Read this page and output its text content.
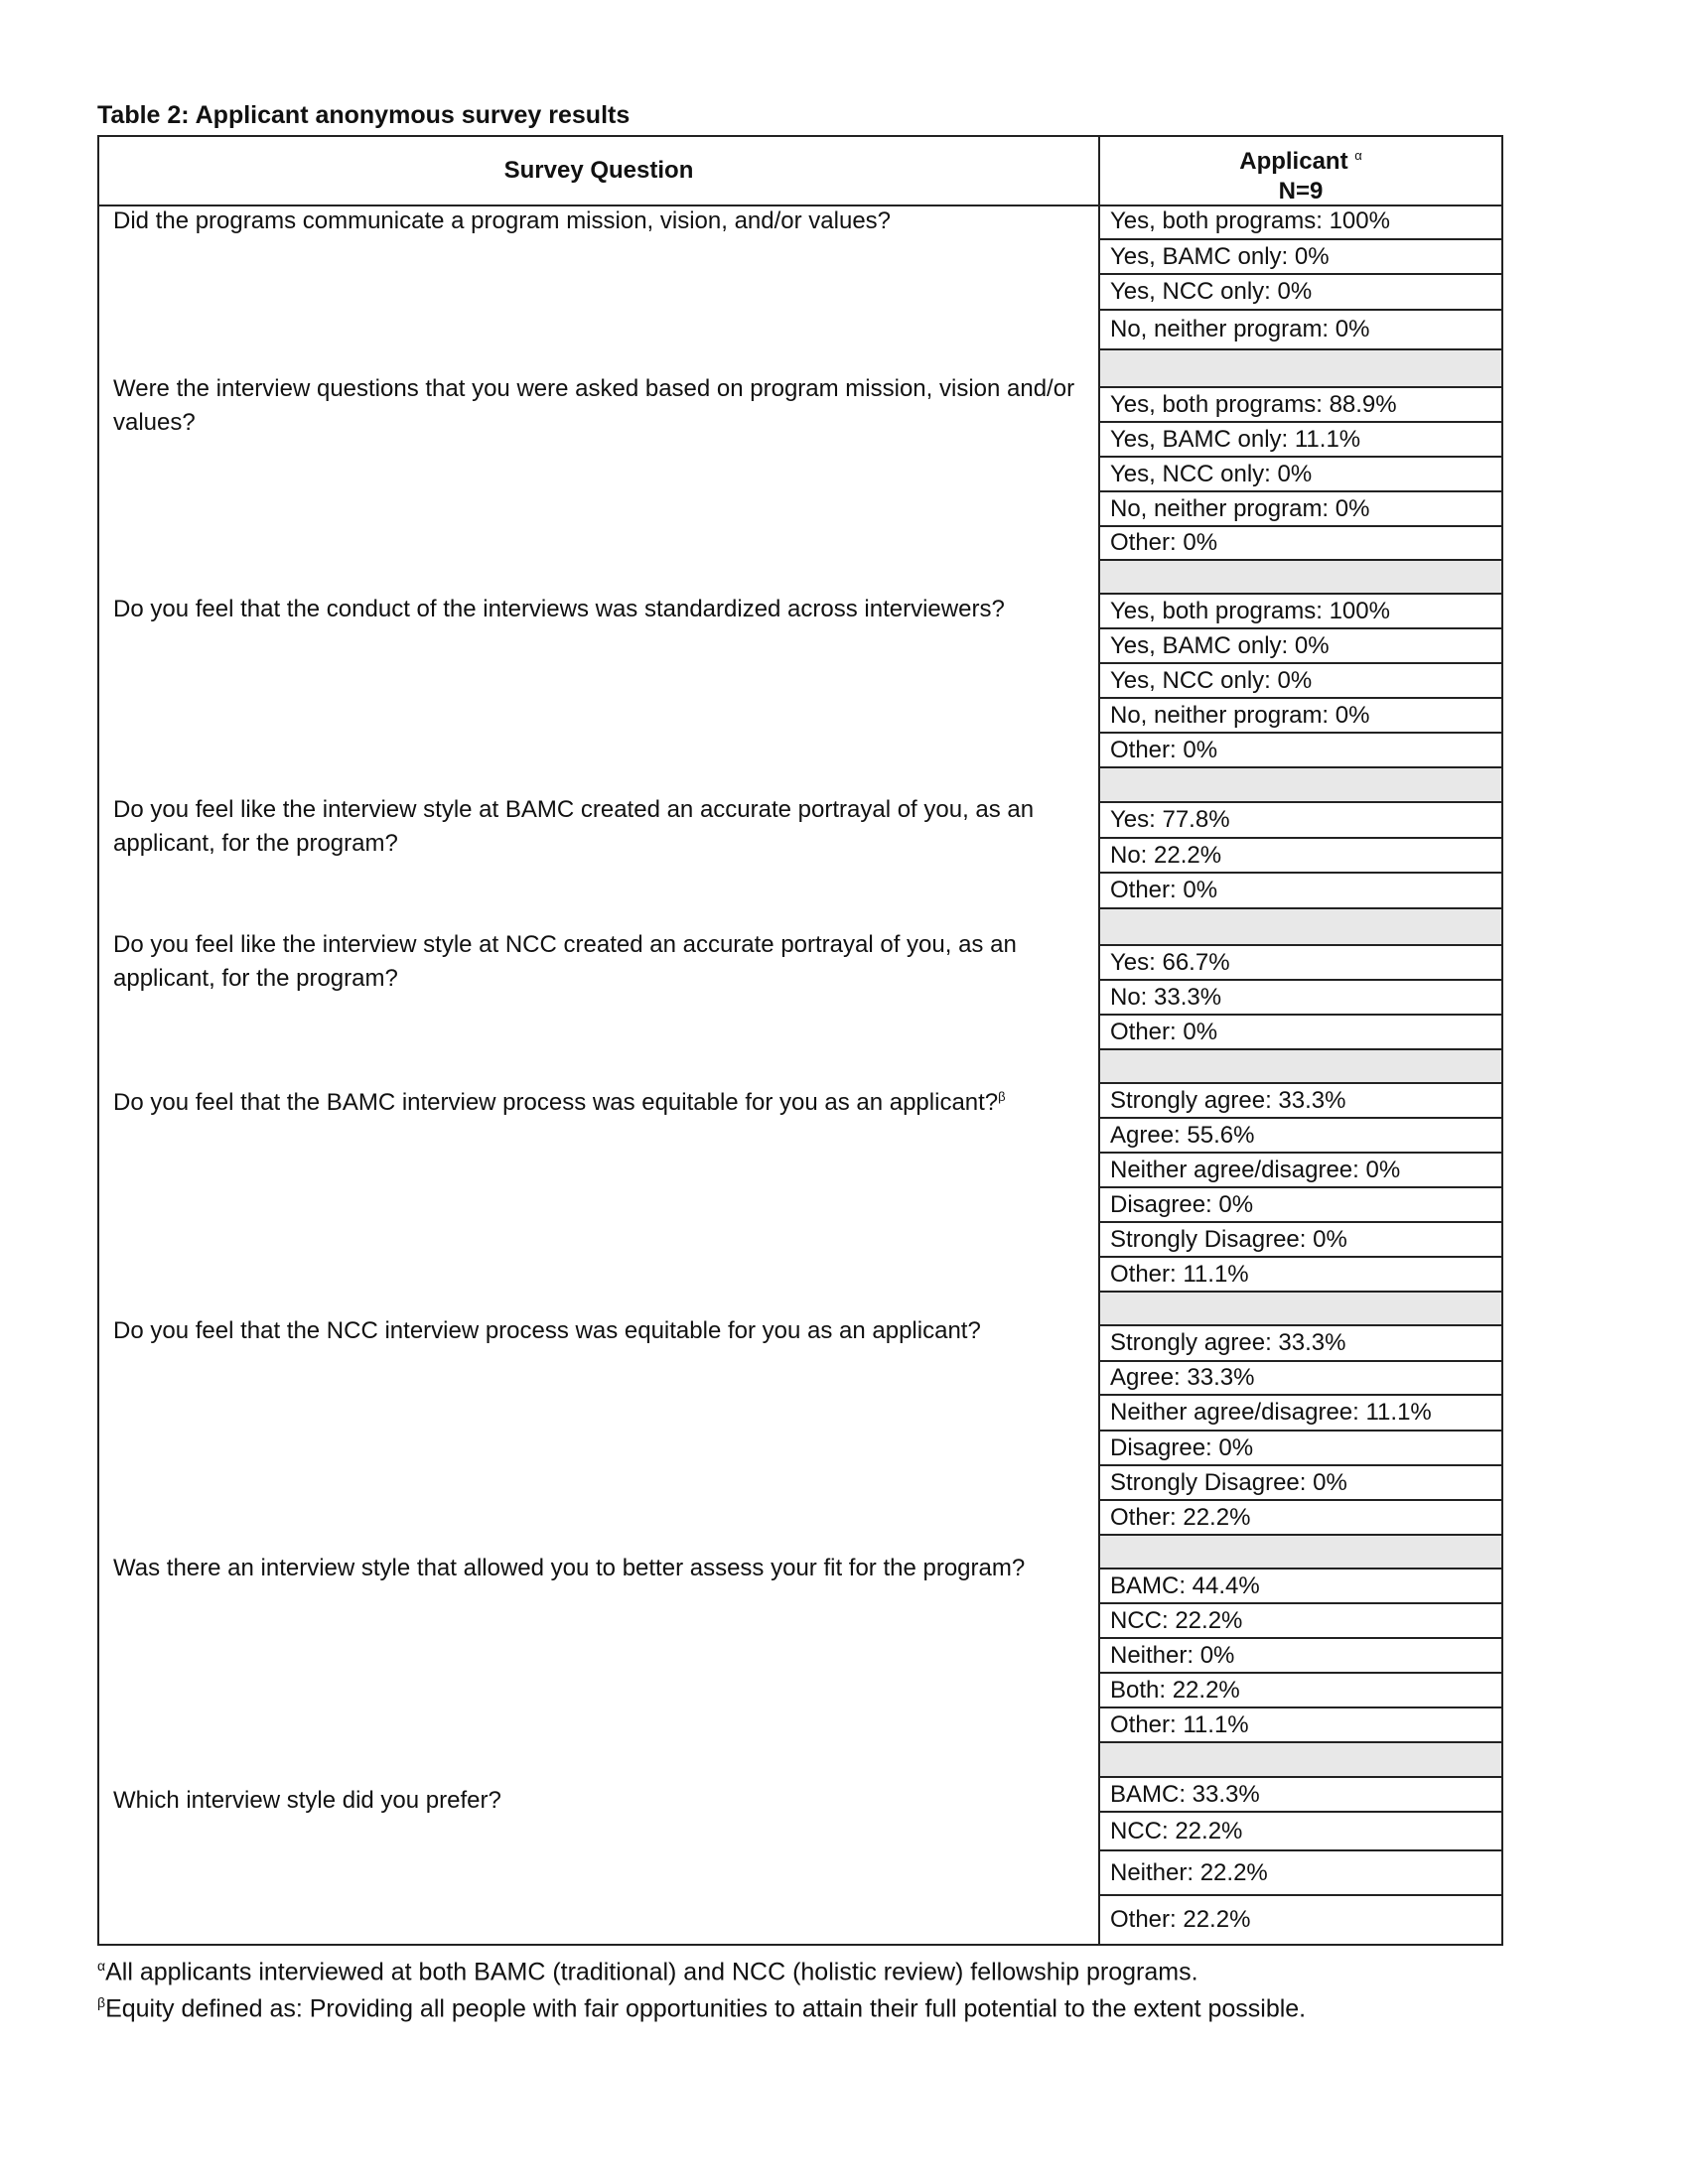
Table 2: Applicant anonymous survey results
Survey Question	Applicant $^\alpha$
N=9
Did the programs communicate a program mission, vision, and/or values?	Yes, both programs: 100%
Yes, BAMC only: 0%
Yes, NCC only: 0%
No, neither program: 0%
Were the interview questions that you were asked based on program mission, vision and/or values?
Yes, both programs: 88.9%
Yes, BAMC only: 11.1%
Yes, NCC only: 0%
No, neither program: 0%
Other: 0%
Do you feel that the conduct of the interviews was standardized across interviewers?	Yes, both programs: 100%
Yes, BAMC only: 0%
Yes, NCC only: 0%
No, neither program: 0%
Other: 0%
Do you feel like the interview style at BAMC created an accurate portrayal of you, as an applicant, for the program?
Yes: 77.8%
No: 22.2%
Other: 0%
Do you feel like the interview style at NCC created an accurate portrayal of you, as an applicant, for the program?
Yes: 66.7%
No: 33.3%
Other: 0%
Do you feel that the BAMC interview process was equitable for you as an applicant?$^\beta$	Strongly agree: 33.3%
Agree: 55.6%
Neither agree/disagree: 0%
Disagree: 0%
Strongly Disagree: 0%
Other: 11.1%
Do you feel that the NCC interview process was equitable for you as an applicant?	Strongly agree: 33.3%
Agree: 33.3%
Neither agree/disagree: 11.1%
Disagree: 0%
Strongly Disagree: 0%
Other: 22.2%
Was there an interview style that allowed you to better assess your fit for the program?
BAMC: 44.4%
NCC: 22.2%
Neither: 0%
Both: 22.2%
Other: 11.1%
Which interview style did you prefer?	BAMC: 33.3%
NCC: 22.2%
Neither: 22.2%
Other: 22.2%
$^\alpha$All applicants interviewed at both BAMC (traditional) and NCC (holistic review) fellowship programs.
$^\beta$Equity defined as: Providing all people with fair opportunities to attain their full potential to the extent possible.
